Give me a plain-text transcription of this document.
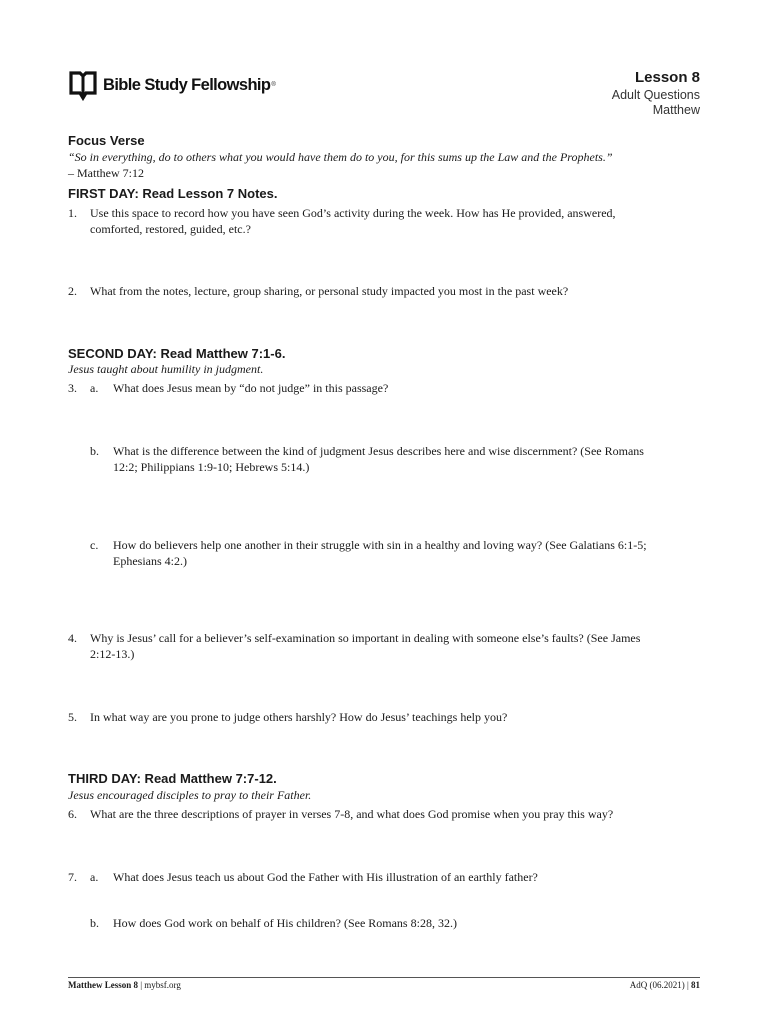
Bible Study Fellowship ®	Lesson 8
Adult Questions
Matthew
Focus Verse
“So in everything, do to others what you would have them do to you, for this sums up the Law and the Prophets.”
– Matthew 7:12
FIRST DAY: Read Lesson 7 Notes.
1. Use this space to record how you have seen God’s activity during the week. How has He provided, answered,
comforted, restored, guided, etc.?
2. What from the notes, lecture, group sharing, or personal study impacted you most in the past week?
SECOND DAY: Read Matthew 7:1-6.
Jesus taught about humility in judgment.
3. a. What does Jesus mean by “do not judge” in this passage?
b. What is the difference between the kind of judgment Jesus describes here and wise discernment? (See Romans
12:2; Philippians 1:9-10; Hebrews 5:14.)
c. How do believers help one another in their struggle with sin in a healthy and loving way? (See Galatians 6:1-5;
Ephesians 4:2.)
4. Why is Jesus’ call for a believer’s self-examination so important in dealing with someone else’s faults? (See James
2:12-13.)
5. In what way are you prone to judge others harshly? How do Jesus’ teachings help you?
THIRD DAY: Read Matthew 7:7-12.
Jesus encouraged disciples to pray to their Father.
6. What are the three descriptions of prayer in verses 7-8, and what does God promise when you pray this way?
7. a. What does Jesus teach us about God the Father with His illustration of an earthly father?
b. How does God work on behalf of His children? (See Romans 8:28, 32.)
Matthew Lesson 8 | mybsf.org	AdQ (06.2021) | 81
